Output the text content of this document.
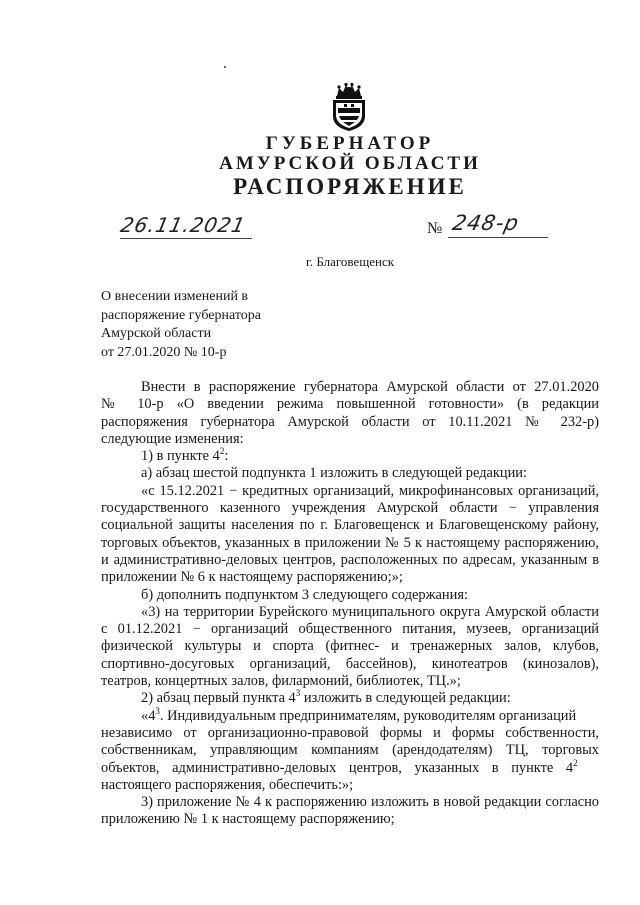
ГУБЕРНАТОР
АМУРСКОЙ ОБЛАСТИ
РАСПОРЯЖЕНИЕ
26.11.2021	№ 248-р
г. Благовещенск
О внесении изменений в
распоряжение губернатора
Амурской области
от 27.01.2020 № 10-р

Внести в распоряжение губернатора Амурской области от 27.01.2020

№ 10-р «О введении режима повышенной готовности» (в редакции

распоряжения губернатора Амурской области от 10.11.2021 № 232-р)

следующие изменения:

1) в пункте $4^2$:

а) абзац шестой подпункта 1 изложить в следующей редакции:

«с 15.12.2021 − кредитных организаций, микрофинансовых организаций,

государственного казенного учреждения Амурской области − управления

социальной защиты населения по г. Благовещенск и Благовещенскому району,

торговых объектов, указанных в приложении № 5 к настоящему распоряжению,

и административно-деловых центров, расположенных по адресам, указанным в

приложении № 6 к настоящему распоряжению;»;

б) дополнить подпунктом 3 следующего содержания:

«3) на территории Бурейского муниципального округа Амурской области

с 01.12.2021 − организаций общественного питания, музеев, организаций

физической культуры и спорта (фитнес- и тренажерных залов, клубов,

спортивно-досуговых организаций, бассейнов), кинотеатров (кинозалов),

театров, концертных залов, филармоний, библиотек, ТЦ.»;

2) абзац первый пункта $4^3$ изложить в следующей редакции:

«$4^3$. Индивидуальным предпринимателям, руководителям организаций

независимо от организационно-правовой формы и формы собственности,

собственникам, управляющим компаниям (арендодателям) ТЦ, торговых

объектов, административно-деловых центров, указанных в пункте $4^2$

настоящего распоряжения, обеспечить:»;

3) приложение № 4 к распоряжению изложить в новой редакции согласно

приложению № 1 к настоящему распоряжению;
